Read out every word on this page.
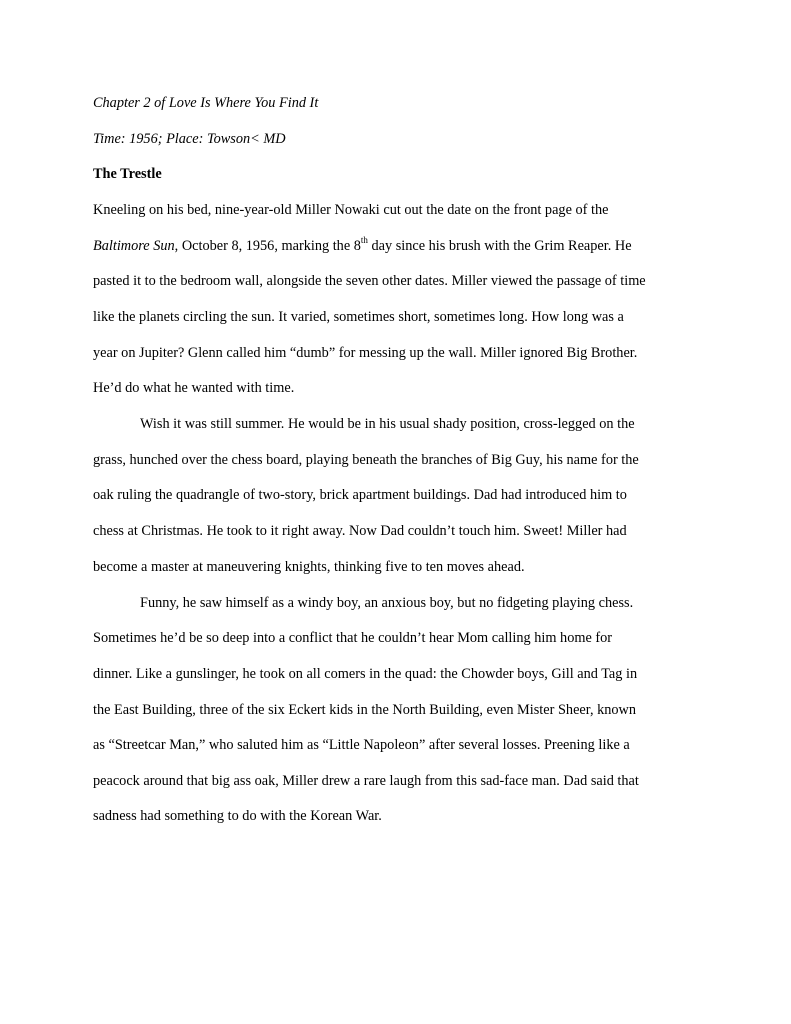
Chapter 2 of Love Is Where You Find It
Time: 1956; Place: Towson< MD
The Trestle
Kneeling on his bed, nine-year-old Miller Nowaki cut out the date on the front page of the
Baltimore Sun, October 8, 1956, marking the 8th day since his brush with the Grim Reaper. He
pasted it to the bedroom wall, alongside the seven other dates. Miller viewed the passage of time
like the planets circling the sun. It varied, sometimes short, sometimes long. How long was a
year on Jupiter? Glenn called him “dumb” for messing up the wall. Miller ignored Big Brother.
He’d do what he wanted with time.
Wish it was still summer. He would be in his usual shady position, cross-legged on the
grass, hunched over the chess board, playing beneath the branches of Big Guy, his name for the
oak ruling the quadrangle of two-story, brick apartment buildings. Dad had introduced him to
chess at Christmas. He took to it right away. Now Dad couldn’t touch him. Sweet! Miller had
become a master at maneuvering knights, thinking five to ten moves ahead.
Funny, he saw himself as a windy boy, an anxious boy, but no fidgeting playing chess.
Sometimes he’d be so deep into a conflict that he couldn’t hear Mom calling him home for
dinner. Like a gunslinger, he took on all comers in the quad: the Chowder boys, Gill and Tag in
the East Building, three of the six Eckert kids in the North Building, even Mister Sheer, known
as “Streetcar Man,” who saluted him as “Little Napoleon” after several losses. Preening like a
peacock around that big ass oak, Miller drew a rare laugh from this sad-face man. Dad said that
sadness had something to do with the Korean War.
